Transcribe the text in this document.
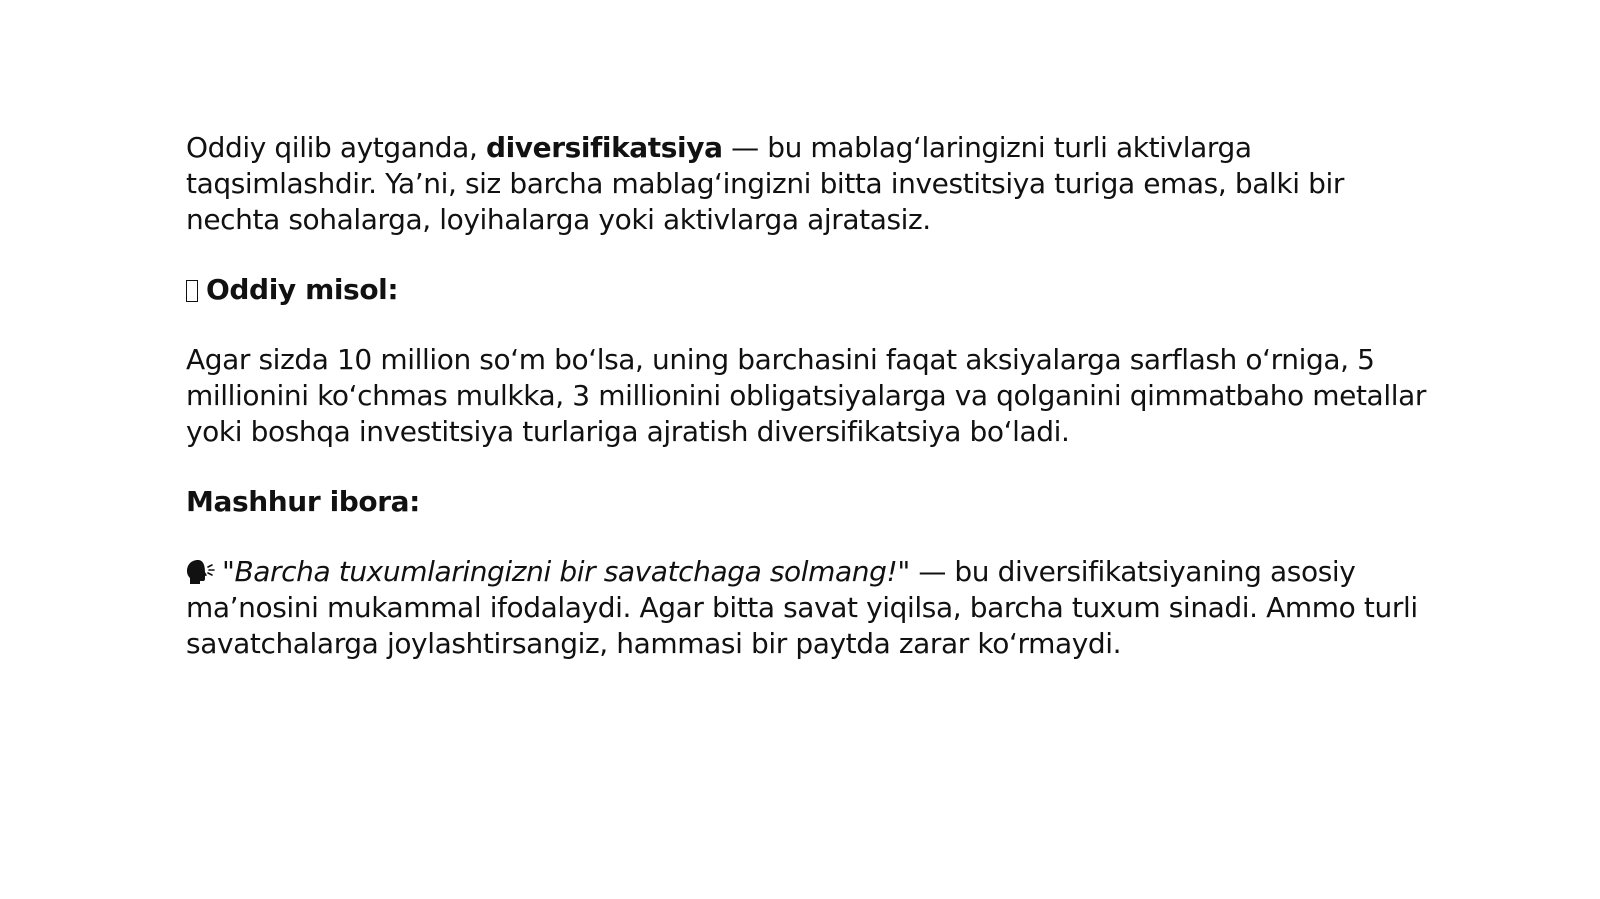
Oddiy qilib aytganda, diversifikatsiya — bu mablag‘laringizni turli aktivlarga taqsimlashdir. Ya’ni, siz barcha mablag‘ingizni bitta investitsiya turiga emas, balki bir nechta sohalarga, loyihalarga yoki aktivlarga ajratasiz.

Oddiy misol:

Agar sizda 10 million so‘m bo‘lsa, uning barchasini faqat aksiyalarga sarflash o‘rniga, 5 millionini ko‘chmas mulkka, 3 millionini obligatsiyalarga va qolganini qimmatbaho metallar yoki boshqa investitsiya turlariga ajratish diversifikatsiya bo‘ladi.

Mashhur ibora:

"Barcha tuxumlaringizni bir savatchaga solmang!" — bu diversifikatsiyaning asosiy ma’nosini mukammal ifodalaydi. Agar bitta savat yiqilsa, barcha tuxum sinadi. Ammo turli savatchalarga joylashtirsangiz, hammasi bir paytda zarar ko‘rmaydi.
